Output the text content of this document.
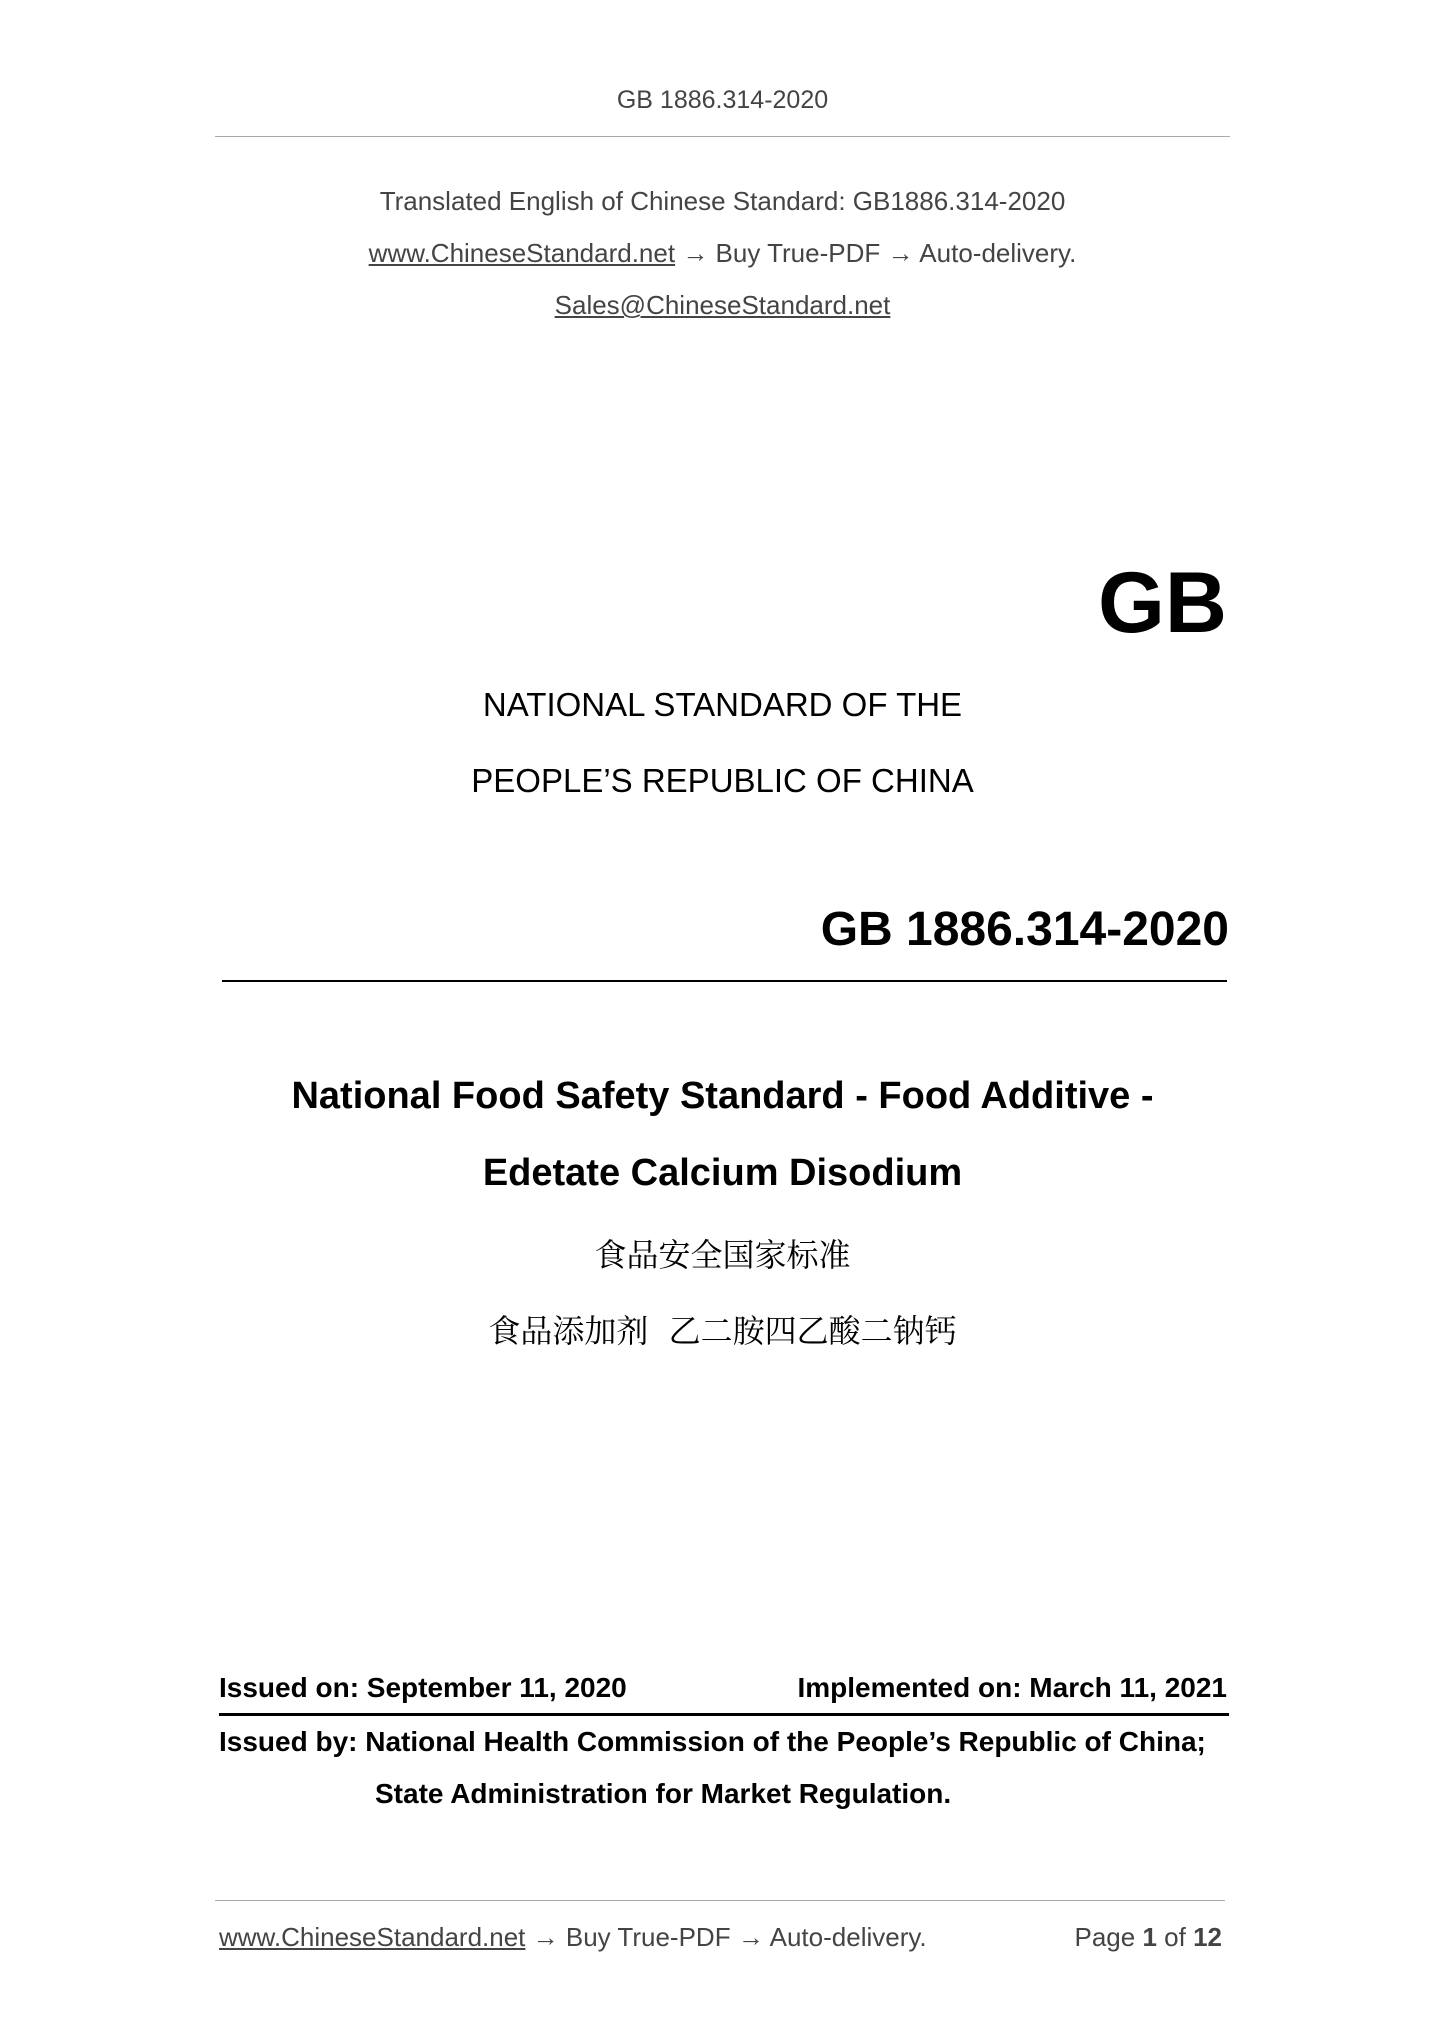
GB 1886.314-2020
Translated English of Chinese Standard: GB1886.314-2020
www.ChineseStandard.net → Buy True-PDF → Auto-delivery.
Sales@ChineseStandard.net
GB
NATIONAL STANDARD OF THE
PEOPLE’S REPUBLIC OF CHINA
GB 1886.314-2020
National Food Safety Standard - Food Additive -
Edetate Calcium Disodium
食品安全国家标准
食品添加剂  乙二胺四乙酸二钠钙
Issued on: September 11, 2020	Implemented on: March 11, 2021
Issued by: National Health Commission of the People’s Republic of China;
State Administration for Market Regulation.
www.ChineseStandard.net → Buy True-PDF → Auto-delivery.	Page 1 of 12
